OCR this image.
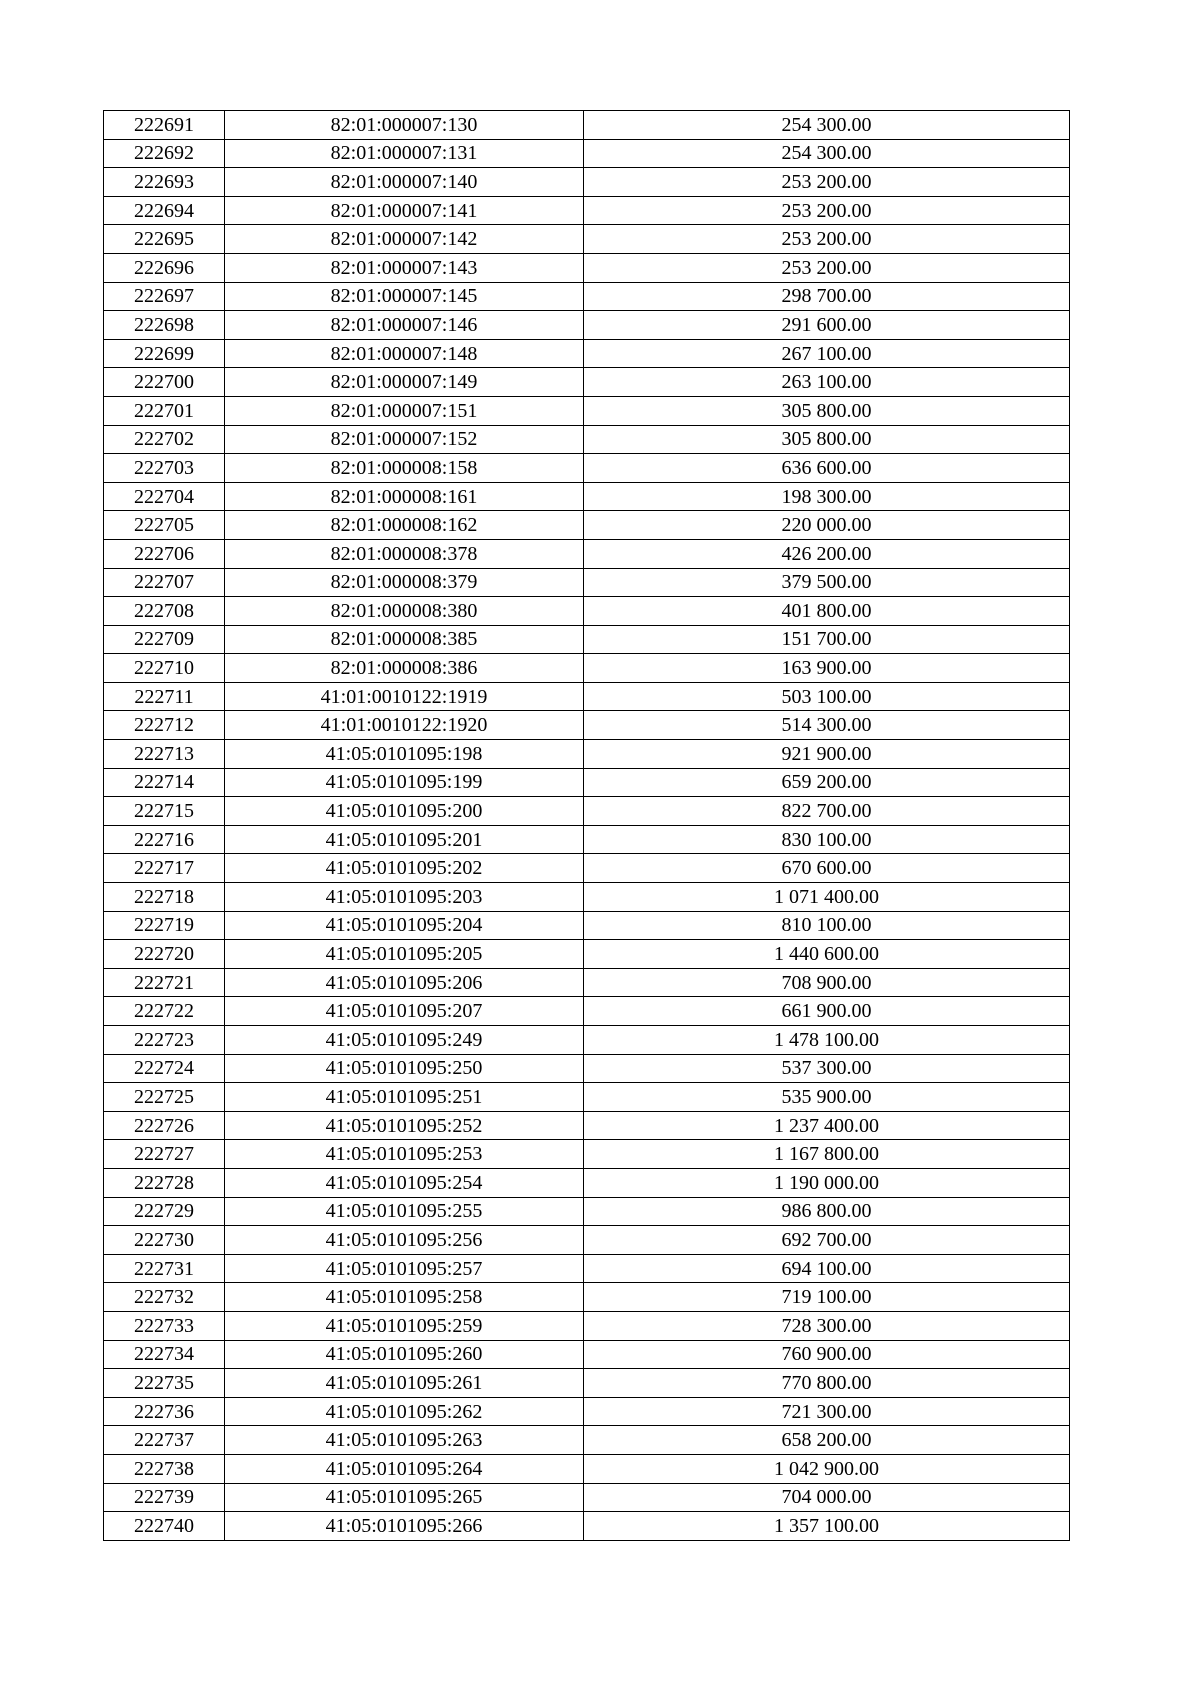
222691	82:01:000007:130	254 300.00
222692	82:01:000007:131	254 300.00
222693	82:01:000007:140	253 200.00
222694	82:01:000007:141	253 200.00
222695	82:01:000007:142	253 200.00
222696	82:01:000007:143	253 200.00
222697	82:01:000007:145	298 700.00
222698	82:01:000007:146	291 600.00
222699	82:01:000007:148	267 100.00
222700	82:01:000007:149	263 100.00
222701	82:01:000007:151	305 800.00
222702	82:01:000007:152	305 800.00
222703	82:01:000008:158	636 600.00
222704	82:01:000008:161	198 300.00
222705	82:01:000008:162	220 000.00
222706	82:01:000008:378	426 200.00
222707	82:01:000008:379	379 500.00
222708	82:01:000008:380	401 800.00
222709	82:01:000008:385	151 700.00
222710	82:01:000008:386	163 900.00
222711	41:01:0010122:1919	503 100.00
222712	41:01:0010122:1920	514 300.00
222713	41:05:0101095:198	921 900.00
222714	41:05:0101095:199	659 200.00
222715	41:05:0101095:200	822 700.00
222716	41:05:0101095:201	830 100.00
222717	41:05:0101095:202	670 600.00
222718	41:05:0101095:203	1 071 400.00
222719	41:05:0101095:204	810 100.00
222720	41:05:0101095:205	1 440 600.00
222721	41:05:0101095:206	708 900.00
222722	41:05:0101095:207	661 900.00
222723	41:05:0101095:249	1 478 100.00
222724	41:05:0101095:250	537 300.00
222725	41:05:0101095:251	535 900.00
222726	41:05:0101095:252	1 237 400.00
222727	41:05:0101095:253	1 167 800.00
222728	41:05:0101095:254	1 190 000.00
222729	41:05:0101095:255	986 800.00
222730	41:05:0101095:256	692 700.00
222731	41:05:0101095:257	694 100.00
222732	41:05:0101095:258	719 100.00
222733	41:05:0101095:259	728 300.00
222734	41:05:0101095:260	760 900.00
222735	41:05:0101095:261	770 800.00
222736	41:05:0101095:262	721 300.00
222737	41:05:0101095:263	658 200.00
222738	41:05:0101095:264	1 042 900.00
222739	41:05:0101095:265	704 000.00
222740	41:05:0101095:266	1 357 100.00
